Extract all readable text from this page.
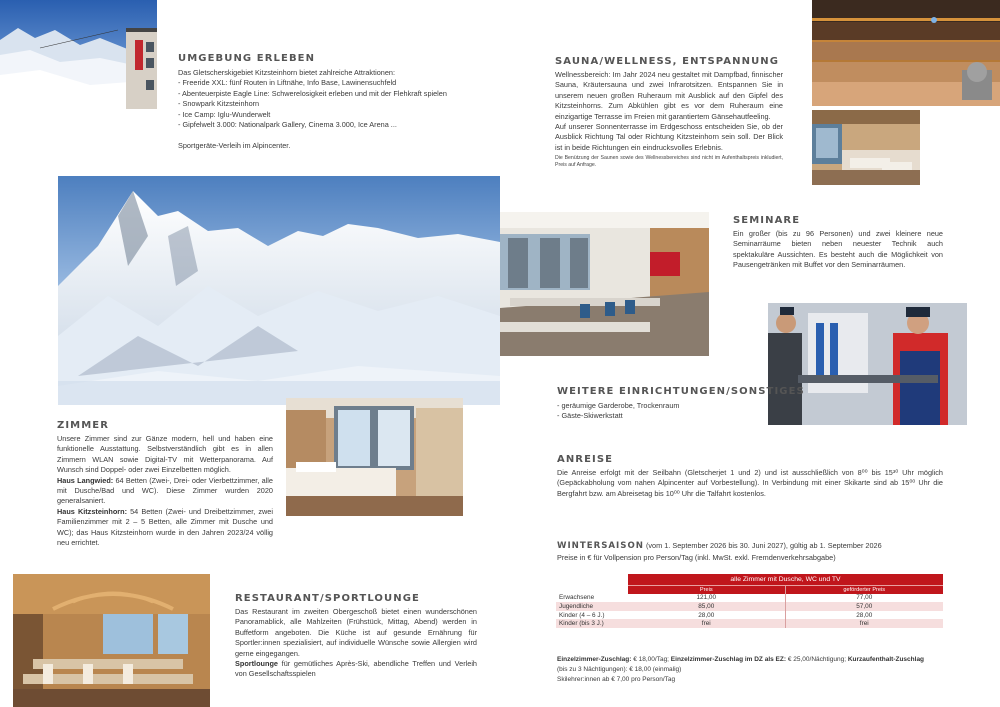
UMGEBUNG ERLEBEN

Das Gletscherskigebiet Kitzsteinhorn bietet zahlreiche Attraktionen:

- Freeride XXL: fünf Routen in Liftnähe, Info Base, Lawinensuchfeld

- Abenteuerpiste Eagle Line: Schwerelosigkeit erleben und mit der Flehkraft spielen

- Snowpark Kitzsteinhorn

- Ice Camp: Iglu-Wunderwelt

- Gipfelwelt 3.000: Nationalpark Gallery, Cinema 3.000, Ice Arena ...

Sportgeräte-Verleih im Alpincenter.

SAUNA/WELLNESS, ENTSPANNUNG

Wellnessbereich: Im Jahr 2024 neu gestaltet mit Dampfbad, finnischer Sauna, Kräutersauna und zwei Infrarotsitzen. Entspannen Sie in unserem neuen großen Ruheraum mit Ausblick auf den Gipfel des Kitzsteinhorns. Zum Abkühlen gibt es vor dem Ruheraum eine einzigartige Terrasse im Freien mit garantiertem Gänsehautfeeling.

Auf unserer Sonnenterrasse im Erdgeschoss entscheiden Sie, ob der Ausblick Richtung Tal oder Richtung Kitzsteinhorn sein soll. Der Blick ist in beide Richtungen ein eindrucksvolles Erlebnis.

Die Benützung der Saunen sowie des Wellnessbereiches sind nicht im Aufenthaltspreis inkludiert, Preis auf Anfrage.

SEMINARE
Ein großer (bis zu 96 Personen) und zwei kleinere neue Seminarräume bieten neben neuester Technik auch spektakuläre Aussichten. Es besteht auch die Möglichkeit von Pausengetränken mit Buffet vor den Seminarräumen.
ZIMMER

Unsere Zimmer sind zur Gänze modern, hell und haben eine funktionelle Ausstattung. Selbstverständlich gibt es in allen Zimmern WLAN sowie Digital-TV mit Wetterpanorama. Auf Wunsch sind Doppel- oder zwei Einzelbetten möglich.

Haus Langwied: 64 Betten (Zwei-, Drei- oder Vierbettzimmer, alle mit Dusche/Bad und WC). Diese Zimmer wurden 2020 generalsaniert.

Haus Kitzsteinhorn: 54 Betten (Zwei- und Dreibettzimmer, zwei Familienzimmer mit 2 – 5 Betten, alle Zimmer mit Dusche und WC); das Haus Kitzsteinhorn wurde in den Jahren 2023/24 völlig neu errichtet.

WEITERE EINRICHTUNGEN/SONSTIGES

- geräumige Garderobe, Trockenraum

- Gäste-Skiwerkstatt

ANREISE
Die Anreise erfolgt mit der Seilbahn (Gletscherjet 1 und 2) und ist ausschließlich von 8⁰⁰ bis 15³⁰ Uhr möglich (Gepäckabholung vom nahen Alpincenter auf Vorbestellung). In Verbindung mit einer Skikarte sind ab 15⁰⁰ Uhr die Bergfahrt bzw. am Abreisetag bis 10⁰⁰ Uhr die Talfahrt kostenlos.
RESTAURANT/SPORTLOUNGE

Das Restaurant im zweiten Obergeschoß bietet einen wunderschönen Panoramablick, alle Mahlzeiten (Frühstück, Mittag, Abend) werden in Buffetform angeboten. Die Küche ist auf gesunde Ernährung für Sportler:innen spezialisiert, auf individuelle Wünsche sowie Allergien wird gerne eingegangen.

Sportlounge für gemütliches Après-Ski, abendliche Treffen und Verleih von Gesellschaftsspielen

WINTERSAISON (vom 1. September 2026 bis 30. Juni 2027), gültig ab 1. September 2026
Preise in € für Vollpension pro Person/Tag (inkl. MwSt. exkl. Fremdenverkehrsabgabe)
	alle Zimmer mit Dusche, WC und TV	
	Preis	geförderter Preis
Erwachsene	121,00	77,00
Jugendliche	85,00	57,00
Kinder (4 – 6 J.)	28,00	28,00
Kinder (bis 3 J.)	frei	frei

Einzelzimmer-Zuschlag: € 18,00/Tag; Einzelzimmer-Zuschlag im DZ als EZ: € 25,00/Nächtigung; Kurzaufenthalt-Zuschlag

(bis zu 3 Nächtigungen): € 18,00 (einmalig)

Skilehrer:innen ab € 7,00 pro Person/Tag
